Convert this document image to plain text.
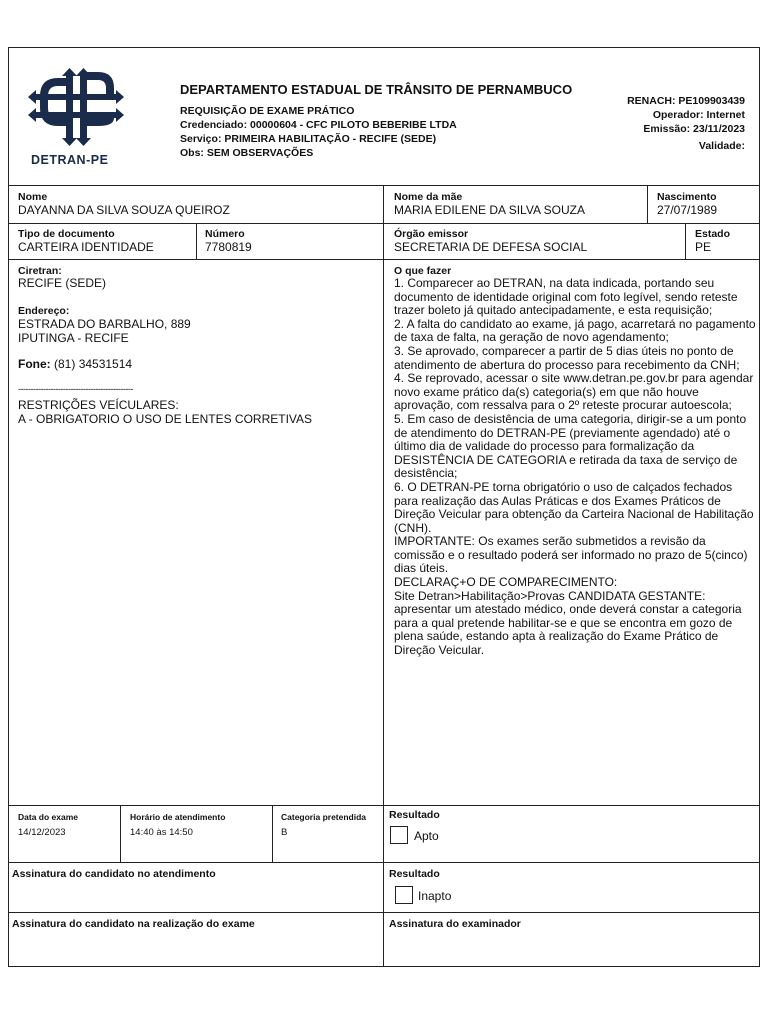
DETRAN-PE
DEPARTAMENTO ESTADUAL DE TRÂNSITO DE PERNAMBUCO
REQUISIÇÃO DE EXAME PRÁTICO
Credenciado: 00000604 - CFC PILOTO BEBERIBE LTDA
Serviço: PRIMEIRA HABILITAÇÃO - RECIFE (SEDE)
Obs: SEM OBSERVAÇÕES
RENACH: PE109903439
Operador: Internet
Emissão: 23/11/2023
Validade:
Nome
DAYANNA DA SILVA SOUZA QUEIROZ
Nome da mãe
MARIA EDILENE DA SILVA SOUZA
Nascimento
27/07/1989
Tipo de documento
CARTEIRA IDENTIDADE
Número
7780819
Órgão emissor
SECRETARIA DE DEFESA SOCIAL
Estado
PE
Ciretran:
RECIFE (SEDE)
Endereço:
ESTRADA DO BARBALHO, 889
IPUTINGA - RECIFE
Fone: (81) 34531514
----------------------------------------------
RESTRIÇÕES VEÍCULARES:
A - OBRIGATORIO O USO DE LENTES CORRETIVAS
O que fazer

1. Comparecer ao DETRAN, na data indicada, portando seu documento de identidade original com foto legível, sendo reteste trazer boleto já quitado antecipadamente, e esta requisição;

2. A falta do candidato ao exame, já pago, acarretará no pagamento de taxa de falta, na geração de novo agendamento;

3. Se aprovado, comparecer a partir de 5 dias úteis no ponto de atendimento de abertura do processo para recebimento da CNH;

4. Se reprovado, acessar o site www.detran.pe.gov.br para agendar novo exame prático da(s) categoria(s) em que não houve aprovação, com ressalva para o 2º reteste procurar autoescola;

5. Em caso de desistência de uma categoria, dirigir-se a um ponto de atendimento do DETRAN-PE (previamente agendado) até o último dia de validade do processo para formalização da DESISTÊNCIA DE CATEGORIA e retirada da taxa de serviço de desistência;

6. O DETRAN-PE torna obrigatório o uso de calçados fechados para realização das Aulas Práticas e dos Exames Práticos de Direção Veicular para obtenção da Carteira Nacional de Habilitação (CNH).

IMPORTANTE: Os exames serão submetidos a revisão da comissão e o resultado poderá ser informado no prazo de 5(cinco) dias úteis.

DECLARAÇ+O DE COMPARECIMENTO:

Site Detran>Habilitação>Provas CANDIDATA GESTANTE: apresentar um atestado médico, onde deverá constar a categoria para a qual pretende habilitar-se e que se encontra em gozo de plena saúde, estando apta à realização do Exame Prático de Direção Veicular.

Data do exame
14/12/2023
Horário de atendimento
14:40 às 14:50
Categoria pretendida
B
Resultado
Apto
Assinatura do candidato no atendimento	Resultado
Inapto
Assinatura do candidato na realização do exame	Assinatura do examinador
